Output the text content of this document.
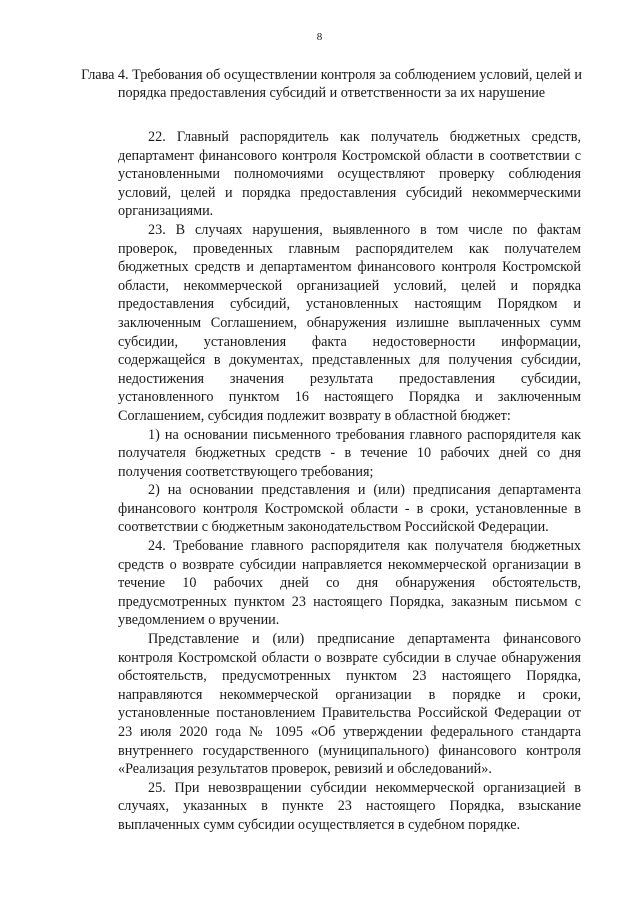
8
Глава 4. Требования об осуществлении контроля за соблюдением условий, целей и порядка предоставления субсидий и ответственности за их нарушение

22. Главный распорядитель как получатель бюджетных средств, департамент финансового контроля Костромской области в соответствии с установленными полномочиями осуществляют проверку соблюдения условий, целей и порядка предоставления субсидий некоммерческими организациями.

23. В случаях нарушения, выявленного в том числе по фактам проверок, проведенных главным распорядителем как получателем бюджетных средств и департаментом финансового контроля Костромской области, некоммерческой организацией условий, целей и порядка предоставления субсидий, установленных настоящим Порядком и заключенным Соглашением, обнаружения излишне выплаченных сумм субсидии, установления факта недостоверности информации, содержащейся в документах, представленных для получения субсидии, недостижения значения результата предоставления субсидии, установленного пунктом 16 настоящего Порядка и заключенным Соглашением, субсидия подлежит возврату в областной бюджет:

1) на основании письменного требования главного распорядителя как получателя бюджетных средств - в течение 10 рабочих дней со дня получения соответствующего требования;

2) на основании представления и (или) предписания департамента финансового контроля Костромской области - в сроки, установленные в соответствии с бюджетным законодательством Российской Федерации.

24. Требование главного распорядителя как получателя бюджетных средств о возврате субсидии направляется некоммерческой организации в течение 10 рабочих дней со дня обнаружения обстоятельств, предусмотренных пунктом 23 настоящего Порядка, заказным письмом с уведомлением о вручении.

Представление и (или) предписание департамента финансового контроля Костромской области о возврате субсидии в случае обнаружения обстоятельств, предусмотренных пунктом 23 настоящего Порядка, направляются некоммерческой организации в порядке и сроки, установленные постановлением Правительства Российской Федерации от 23 июля 2020 года № 1095 «Об утверждении федерального стандарта внутреннего государственного (муниципального) финансового контроля «Реализация результатов проверок, ревизий и обследований».

25. При невозвращении субсидии некоммерческой организацией в случаях, указанных в пункте 23 настоящего Порядка, взыскание выплаченных сумм субсидии осуществляется в судебном порядке.
